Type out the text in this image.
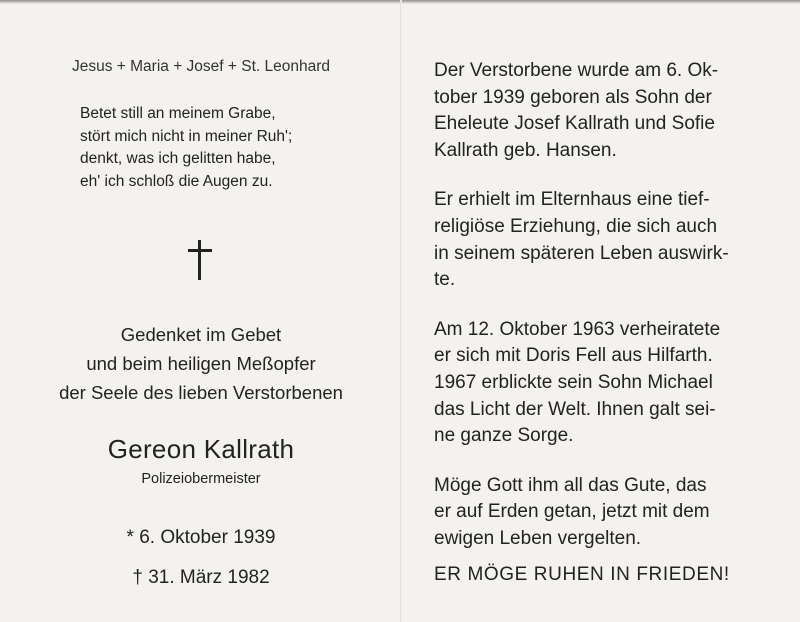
Jesus + Maria + Josef + St. Leonhard
Betet still an meinem Grabe,
stört mich nicht in meiner Ruh';
denkt, was ich gelitten habe,
eh' ich schloß die Augen zu.
Gedenket im Gebet
und beim heiligen Meßopfer
der Seele des lieben Verstorbenen
Gereon Kallrath
Polizeiobermeister
* 6. Oktober 1939
† 31. März 1982
Der Verstorbene wurde am 6. Ok-
tober 1939 geboren als Sohn der
Eheleute Josef Kallrath und Sofie
Kallrath geb. Hansen.
Er erhielt im Elternhaus eine tief-
religiöse Erziehung, die sich auch
in seinem späteren Leben auswirk-
te.
Am 12. Oktober 1963 verheiratete
er sich mit Doris Fell aus Hilfarth.
1967 erblickte sein Sohn Michael
das Licht der Welt. Ihnen galt sei-
ne ganze Sorge.
Möge Gott ihm all das Gute, das
er auf Erden getan, jetzt mit dem
ewigen Leben vergelten.
ER MÖGE RUHEN IN FRIEDEN!
